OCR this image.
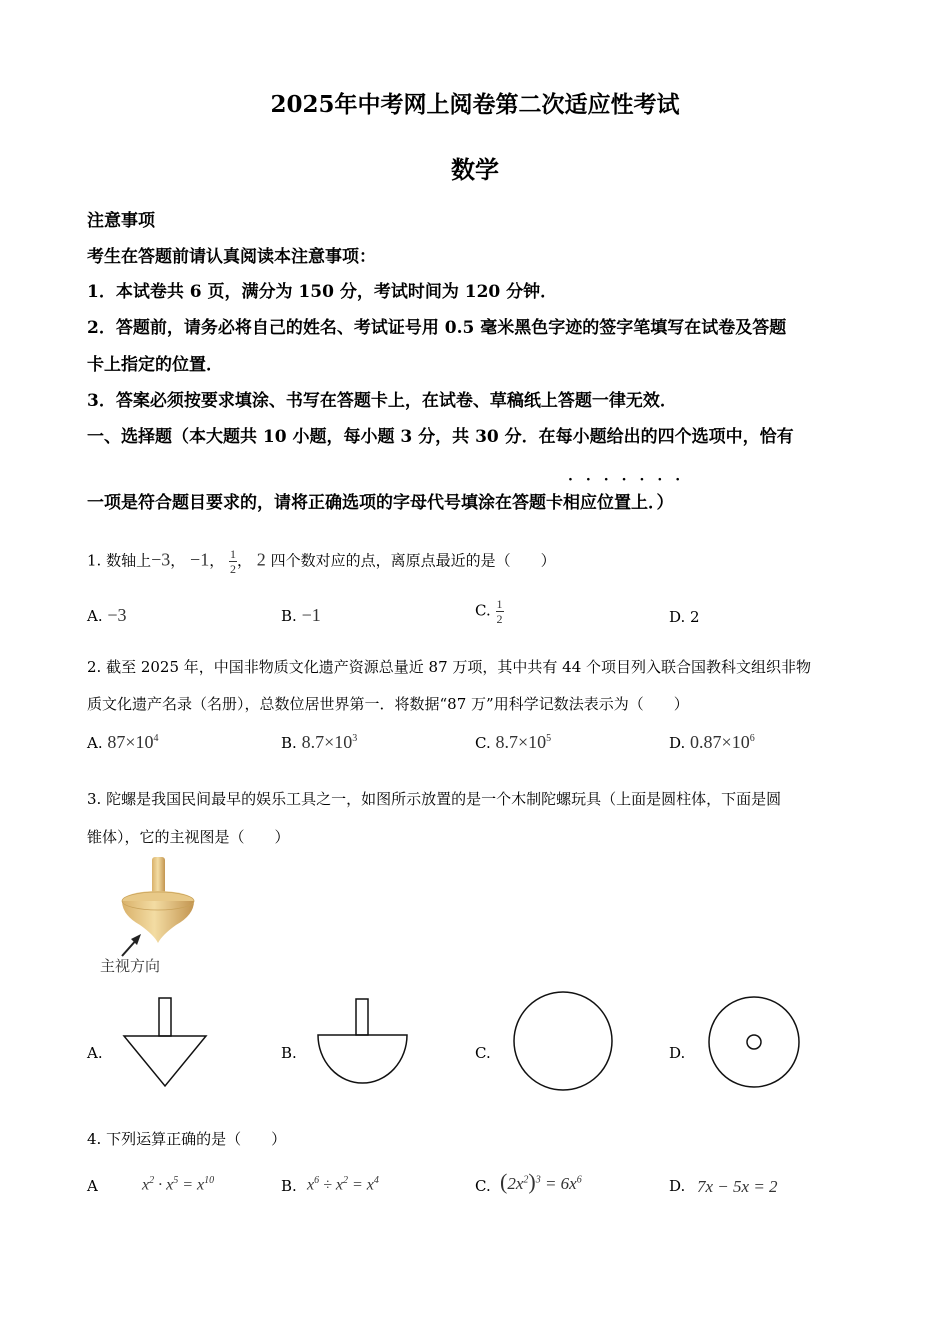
2025年中考网上阅卷第二次适应性考试
数学
注意事项
考生在答题前请认真阅读本注意事项：
1．本试卷共 6 页，满分为 150 分，考试时间为 120 分钟．
2．答题前，请务必将自己的姓名、考试证号用 0.5 毫米黑色字迹的签字笔填写在试卷及答题
卡上指定的位置．
3．答案必须按要求填涂、书写在答题卡上，在试卷、草稿纸上答题一律无效．
一、选择题（本大题共 10 小题，每小题 3 分，共 30 分．在每小题给出的四个选项中，恰有
·······
一项是符合题目要求的，请将正确选项的字母代号填涂在答题卡相应位置上．）
1. 数轴上−3， −1， $\frac{1}{2}$ ， 2 四个数对应的点，离原点最近的是（　　）
A. −3	B. −1	C. $\frac{1}{2}$	D. 2
2. 截至 2025 年，中国非物质文化遗产资源总量近 87 万项，其中共有 44 个项目列入联合国教科文组织非物
质文化遗产名录（名册），总数位居世界第一．将数据“87 万”用科学记数法表示为（　　）
A. $87\times 10^4$	B. $8.7\times 10^3$	C. $8.7\times 10^5$	D. $0.87\times 10^6$
3. 陀螺是我国民间最早的娱乐工具之一，如图所示放置的是一个木制陀螺玩具（上面是圆柱体，下面是圆
锥体），它的主视图是（　　）
主视方向
A.	B.	C.	D.
4. 下列运算正确的是（　　）
A	$x^2 \cdot x^5 = x^{10}$	B. $x^6 \div x^2 = x^4$	C. $(2x^2)^3 = 6x^6$	D. 7x − 5x = 2
